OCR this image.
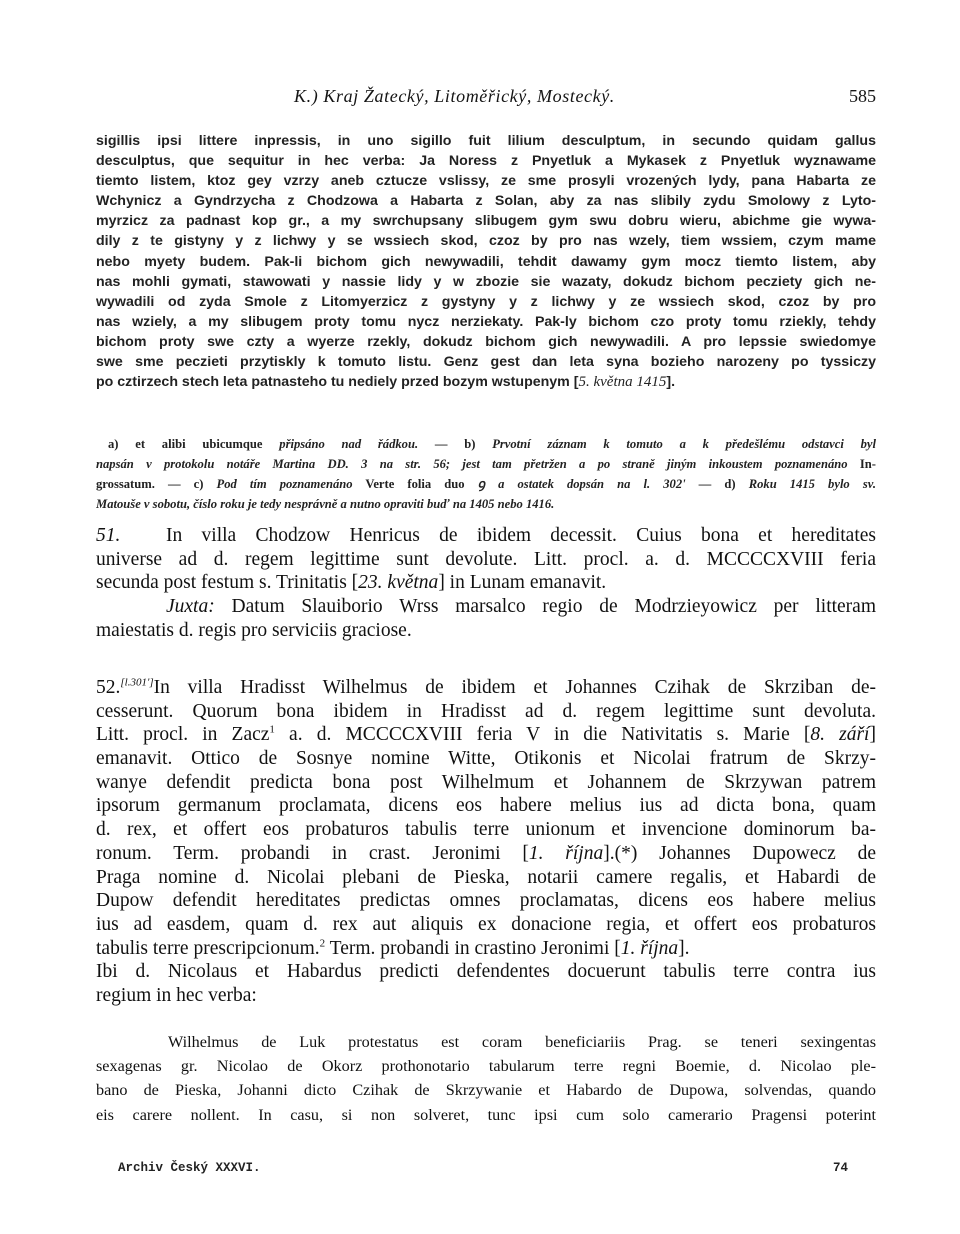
K.) Kraj Žatecký, Litoměřický, Mostecký.	585
sigillis ipsi littere inpressis, in uno sigillo fuit lilium desculptum, in secundo quidam gallus
desculptus, que sequitur in hec verba: Ja Noress z Pnyetluk a Mykasek z Pnyetluk wyznawame
tiemto listem, ktoz gey vzrzy aneb cztucze vslissy, ze sme prosyli vrozených lydy, pana Habarta ze
Wchynicz a Gyndrzycha z Chodzowa a Habarta z Solan, aby za nas slibily zydu Smolowy z Lyto-
myrzicz za padnast kop gr., a my swrchupsany slibugem gym swu dobru wieru, abichme gie wywa-
dily z te gistyny y z lichwy y se wssiech skod, czoz by pro nas wzely, tiem wssiem, czym mame
nebo myety budem. Pak-li bichom gich newywadili, tehdit dawamy gym mocz tiemto listem, aby
nas mohli gymati, stawowati y nassie lidy y w zbozie sie wazaty, dokudz bichom pecziety gich ne-
wywadili od zyda Smole z Litomyerzicz z gystyny y z lichwy y ze wssiech skod, czoz by pro
nas wziely, a my slibugem proty tomu nycz nerziekaty. Pak-ly bichom czo proty tomu rziekly, tehdy
bichom proty swe czty a wyerze rzekly, dokudz bichom gich newywadili. A pro lepssie swiedomye
swe sme peczieti przytiskly k tomuto listu. Genz gest dan leta syna bozieho narozeny po tyssiczy
po cztirzech stech leta patnasteho tu nediely przed bozym wstupenym [5. května 1415].
a) et alibi ubicumque připsáno nad řádkou. — b) Prvotní záznam k tomuto a k předešlému odstavci byl
napsán v protokolu notáře Martina DD. 3 na str. 56; jest tam přetržen a po straně jiným inkoustem poznamenáno In-
grossatum. — c) Pod tím poznamenáno Verte folia duo ꝯ a ostatek dopsán na l. 302' — d) Roku 1415 bylo sv.
Matouše v sobotu, číslo roku je tedy nesprávně a nutno opraviti buď na 1405 nebo 1416.
51. In villa Chodzow Henricus de ibidem decessit. Cuius bona et hereditates
universe ad d. regem legittime sunt devolute. Litt. procl. a. d. MCCCCXVIII feria
secunda post festum s. Trinitatis [23. května] in Lunam emanavit.
Juxta: Datum Slauiborio Wrss marsalco regio de Modrzieyowicz per litteram
maiestatis d. regis pro serviciis graciose.
52.[l.301']In villa Hradisst Wilhelmus de ibidem et Johannes Czihak de Skrziban de-
cesserunt. Quorum bona ibidem in Hradisst ad d. regem legittime sunt devoluta.
Litt. procl. in Zacz$^1$ a. d. MCCCCXVIII feria V in die Nativitatis s. Marie [8. září]
emanavit. Ottico de Sosnye nomine Witte, Otikonis et Nicolai fratrum de Skrzy-
wanye defendit predicta bona post Wilhelmum et Johannem de Skrzywan patrem
ipsorum germanum proclamata, dicens eos habere melius ius ad dicta bona, quam
d. rex, et offert eos probaturos tabulis terre unionum et invencione dominorum ba-
ronum. Term. probandi in crast. Jeronimi [1. října].(*) Johannes Dupowecz de
Praga nomine d. Nicolai plebani de Pieska, notarii camere regalis, et Habardi de
Dupow defendit hereditates predictas omnes proclamatas, dicens eos habere melius
ius ad easdem, quam d. rex aut aliquis ex donacione regia, et offert eos probaturos
tabulis terre prescripcionum.$^2$ Term. probandi in crastino Jeronimi [1. října].
Ibi d. Nicolaus et Habardus predicti defendentes docuerunt tabulis terre contra ius
regium in hec verba:
Wilhelmus de Luk protestatus est coram beneficiariis Prag. se teneri sexingentas
sexagenas gr. Nicolao de Okorz prothonotario tabularum terre regni Boemie, d. Nicolao ple-
bano de Pieska, Johanni dicto Czihak de Skrzywanie et Habardo de Dupowa, solvendas, quando
eis carere nollent. In casu, si non solveret, tunc ipsi cum solo camerario Pragensi poterint
Archiv Český XXXVI.	74
